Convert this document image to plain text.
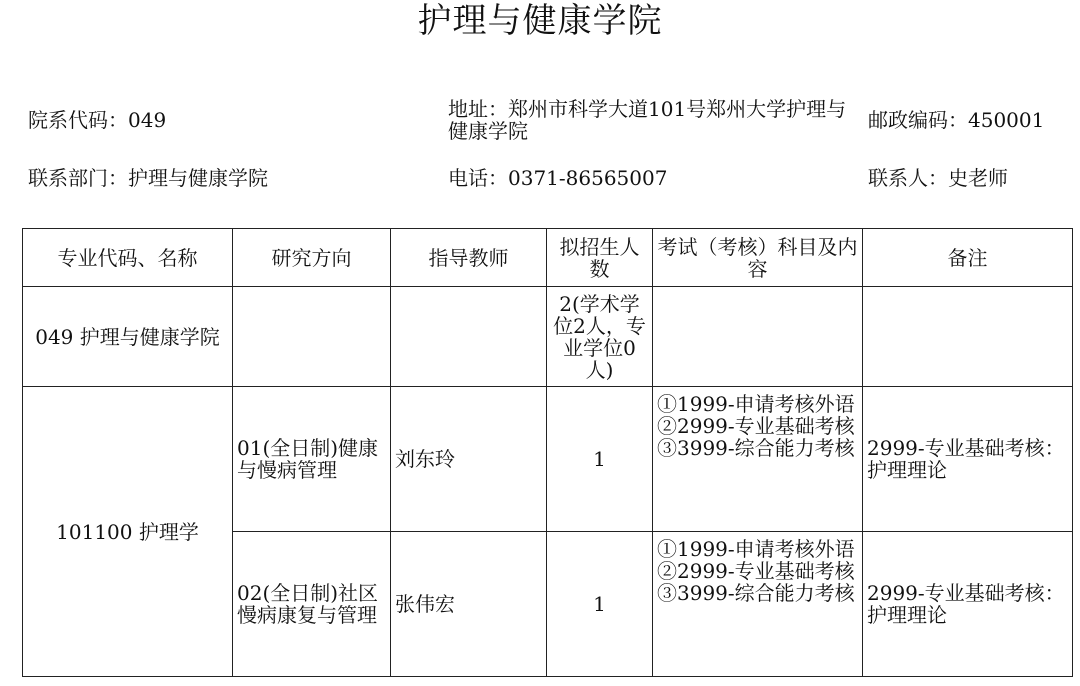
护理与健康学院
院系代码：049	地址：郑州市科学大道101号郑州大学护理与健康学院	邮政编码：450001
联系部门：护理与健康学院	电话：0371-86565007	联系人：史老师
专业代码、名称	研究方向	指导教师	拟招生人数	考试（考核）科目及内容	备注
049 护理与健康学院			2(学术学位2人，专业学位0人)		
101100 护理学	01(全日制)健康与慢病管理	刘东玲	1	①1999-申请考核外语
②2999-专业基础考核
③3999-综合能力考核	2999-专业基础考核：护理理论
	02(全日制)社区慢病康复与管理	张伟宏	1	①1999-申请考核外语
②2999-专业基础考核
③3999-综合能力考核	2999-专业基础考核：护理理论
